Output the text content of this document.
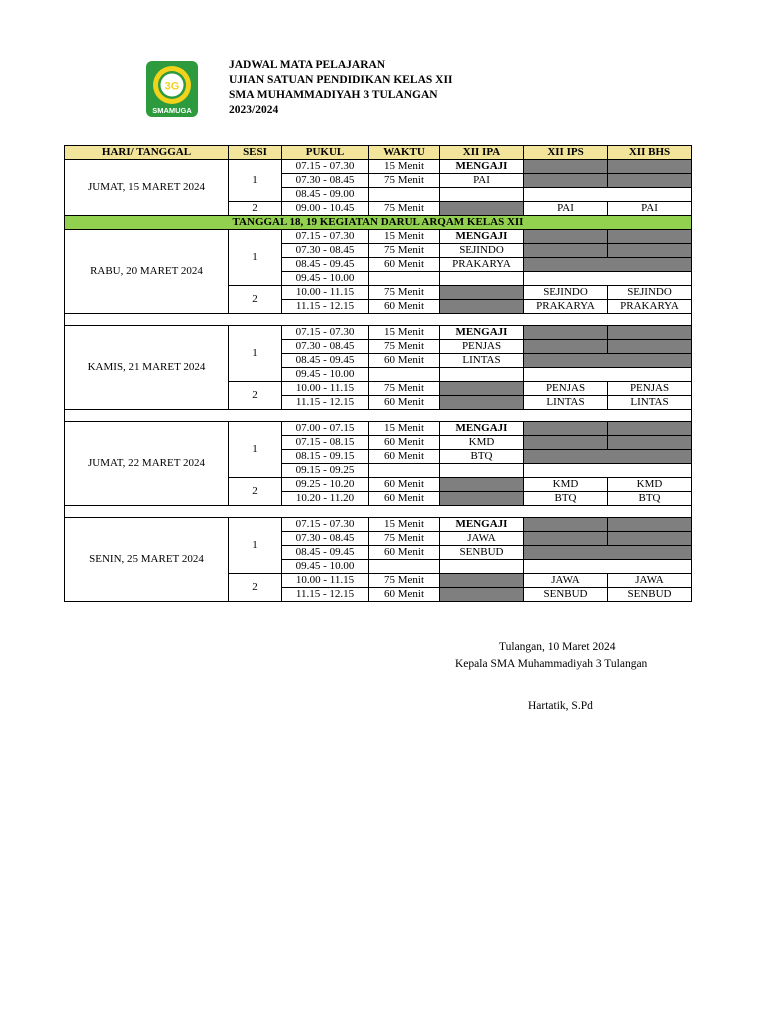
3G
SMAMUGA
JADWAL MATA PELAJARAN
UJIAN SATUAN PENDIDIKAN KELAS XII
SMA MUHAMMADIYAH 3 TULANGAN
2023/2024
HARI/ TANGGAL	SESI	PUKUL	WAKTU	XII IPA	XII IPS	XII BHS
JUMAT, 15 MARET 2024	1	07.15 - 07.30	15 Menit	MENGAJI		
		07.30 - 08.45	75 Menit	PAI		
		08.45 - 09.00				
	2	09.00 - 10.45	75 Menit		PAI	PAI
TANGGAL 18, 19 KEGIATAN DARUL ARQAM KELAS XII						
RABU, 20 MARET 2024	1	07.15 - 07.30	15 Menit	MENGAJI		
		07.30 - 08.45	75 Menit	SEJINDO		
		08.45 - 09.45	60 Menit	PRAKARYA		
		09.45 - 10.00				
	2	10.00 - 11.15	75 Menit		SEJINDO	SEJINDO
		11.15 - 12.15	60 Menit		PRAKARYA	PRAKARYA

KAMIS, 21 MARET 2024	1	07.15 - 07.30	15 Menit	MENGAJI		
		07.30 - 08.45	75 Menit	PENJAS		
		08.45 - 09.45	60 Menit	LINTAS		
		09.45 - 10.00				
	2	10.00 - 11.15	75 Menit		PENJAS	PENJAS
		11.15 - 12.15	60 Menit		LINTAS	LINTAS

JUMAT, 22 MARET 2024	1	07.00 - 07.15	15 Menit	MENGAJI		
		07.15 - 08.15	60 Menit	KMD		
		08.15 - 09.15	60 Menit	BTQ		
		09.15 - 09.25				
	2	09.25 - 10.20	60 Menit		KMD	KMD
		10.20 - 11.20	60 Menit		BTQ	BTQ

SENIN, 25 MARET 2024	1	07.15 - 07.30	15 Menit	MENGAJI		
		07.30 - 08.45	75 Menit	JAWA		
		08.45 - 09.45	60 Menit	SENBUD		
		09.45 - 10.00				
	2	10.00 - 11.15	75 Menit		JAWA	JAWA
		11.15 - 12.15	60 Menit		SENBUD	SENBUD
Tulangan, 10 Maret 2024
Kepala SMA Muhammadiyah 3 Tulangan
Hartatik, S.Pd
